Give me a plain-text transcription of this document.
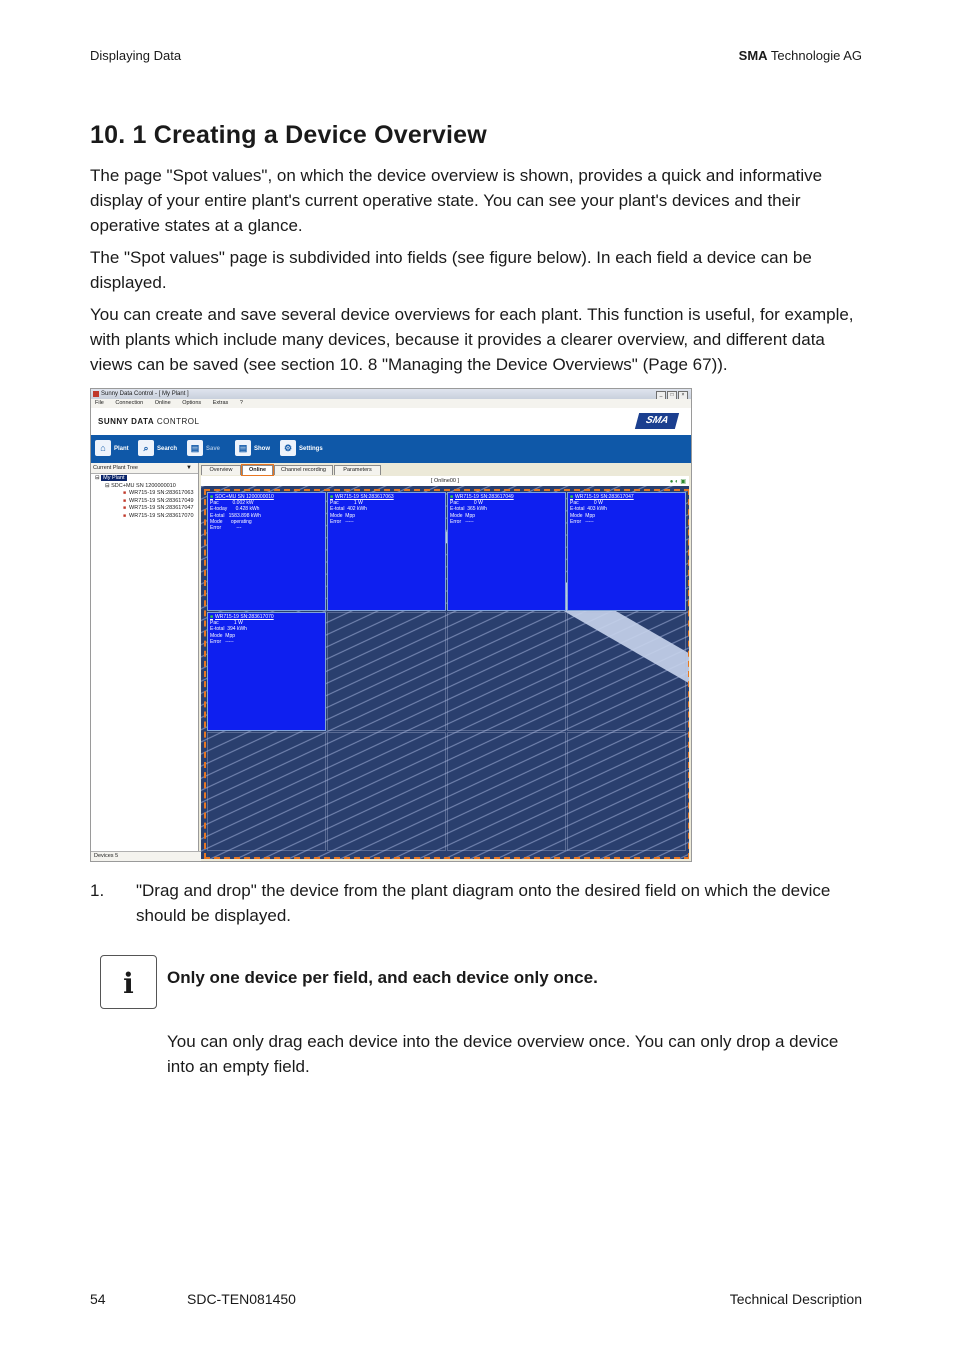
Displaying Data	SMA Technologie AG
10. 1 Creating a Device Overview

The page "Spot values", on which the device overview is shown, provides a quick and informative display of your entire plant's current operative state. You can see your plant's devices and their operative states at a glance.

The "Spot values" page is subdivided into fields (see figure below). In each field a device can be displayed.

You can create and save several device overviews for each plant. This function is useful, for example, with plants which include many devices, because it provides a clearer overview, and different data views can be saved (see section 10. 8 "Managing the Device Overviews" (Page 67)).

Sunny Data Control - [ My Plant ]	_ □ ×
File Connection Online Options Extras ?
SUNNY DATA CONTROL	SMA
⌂ Plant	⌕ Search	▤ Save	▤ Show	⚙ Settings
Current Plant Tree	▼
⊟ My Plant
⊟ SDC+MU SN 1200000010
■ WR715-19 SN:283617063
■ WR715-19 SN:283617049
■ WR715-19 SN:283617047
■ WR715-19 SN:283617070
Devices 5
Overview	Online	Channel recording	Parameters
[ Online00 ]	● ◐ ▣
■ SDC+MU SN 1200000010
Pac          0.002 kW
E-today      0.428 kWh
E-total   1583.898 kWh
Mode      operating
Error           ---
■ WR715-19 SN:283617063
Pac           1 W
E-total  402 kWh
Mode  Mpp
Error   -----
■ WR715-19 SN:283617049
Pac           0 W
E-total  365 kWh
Mode  Mpp
Error   -----
■ WR715-19 SN:283617047
Pac           0 W
E-total  403 kWh
Mode  Mpp
Error   -----
■ WR715-19 SN:283617070
Pac           1 W
E-total  394 kWh
Mode  Mpp
Error   -----
1. "Drag and drop" the device from the plant diagram onto the desired field on which the device should be displayed.
i	Only one device per field, and each device only once.
You can only drag each device into the device overview once. You can only drop a device into an empty field.
54	SDC-TEN081450	Technical Description
